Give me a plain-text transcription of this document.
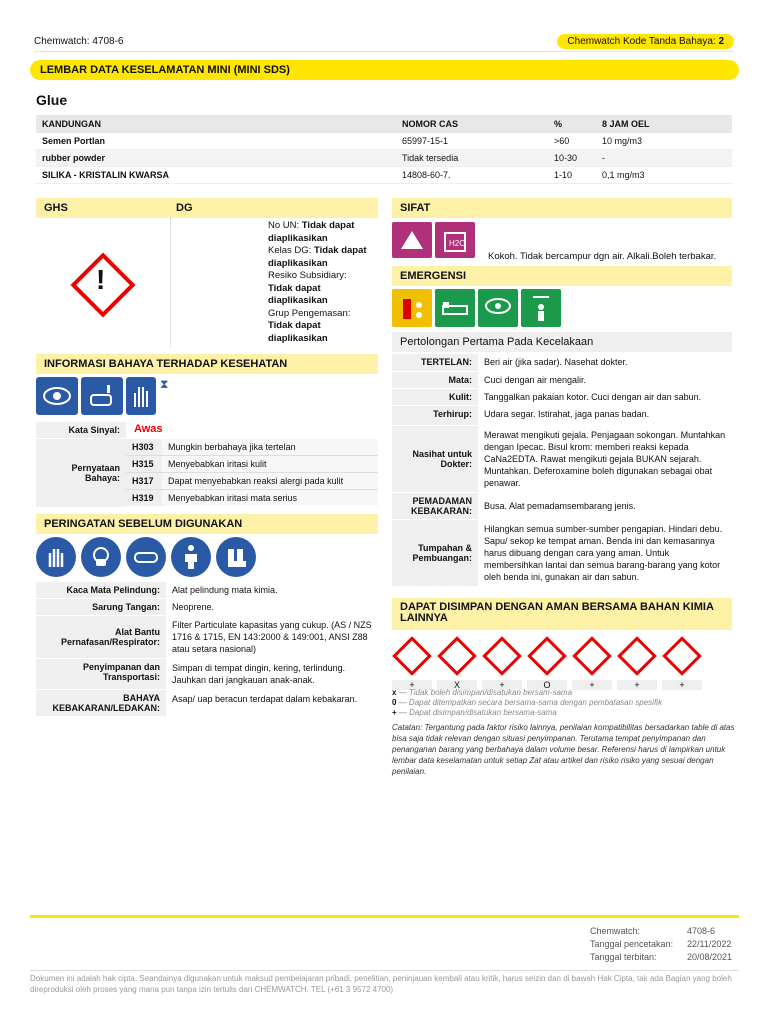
Chemwatch: 4708-6	Chemwatch Kode Tanda Bahaya: 2
LEMBAR DATA KESELAMATAN MINI (MINI SDS)
Glue
KANDUNGAN	NOMOR CAS	%	8 JAM OEL
Semen Portlan	65997-15-1	>60	10 mg/m3
rubber powder	Tidak tersedia	10-30	-
SILIKA - KRISTALIN KWARSA	14808-60-7.	1-10	0,1 mg/m3
GHS	DG
!
No UN: Tidak dapat diaplikasikan
Kelas DG: Tidak dapat diaplikasikan
Resiko Subsidiary:
Tidak dapat diaplikasikan
Grup Pengemasan:
Tidak dapat diaplikasikan
INFORMASI BAHAYA TERHADAP KESEHATAN
⧗
Kata Sinyal:	Awas
Pernyataan Bahaya:
H303	Mungkin berbahaya jika tertelan
H315	Menyebabkan iritasi kulit
H317	Dapat menyebabkan reaksi alergi pada kulit
H319	Menyebabkan iritasi mata serius
PERINGATAN SEBELUM DIGUNAKAN
Kaca Mata Pelindung:	Alat pelindung mata kimia.
Sarung Tangan:	Neoprene.
Alat Bantu Pernafasan/Respirator:
Filter Particulate kapasitas yang cukup. (AS / NZS 1716 & 1715, EN 143:2000 & 149:001, ANSI Z88 atau setara nasional)
Penyimpanan dan Transportasi:
Simpan di tempat dingin, kering, terlindung. Jauhkan dari jangkauan anak-anak.
BAHAYA KEBAKARAN/LEDAKAN:
Asap/ uap beracun terdapat dalam kebakaran.
SIFAT
H2O
Kokoh. Tidak bercampur dgn air. Alkali.Boleh terbakar.
EMERGENSI
Pertolongan Pertama Pada Kecelakaan
TERTELAN:	Beri air (jika sadar). Nasehat dokter.
Mata:	Cuci dengan air mengalir.
Kulit:	Tanggalkan pakaian kotor. Cuci dengan air dan sabun.
Terhirup:	Udara segar. Istirahat, jaga panas badan.
Nasihat untuk Dokter:
Merawat mengikuti gejala. Penjagaan sokongan. Muntahkan dengan Ipecac. Bisul krom: memberi reaksi kepada CaNa2EDTA. Rawat mengikuti gejala BUKAN sejarah. Muntahkan. Deferoxamine boleh digunakan sebagai obat penawar.
PEMADAMAN KEBAKARAN:	Busa. Alat pemadamsembarang jenis.
Tumpahan & Pembuangan:
Hilangkan semua sumber-sumber pengapian. Hindari debu. Sapu/ sekop ke tempat aman. Benda ini dan kemasannya harus dibuang dengan cara yang aman. Untuk membersihkan lantai dan semua barang-barang yang kotor oleh benda ini, gunakan air dan sabun.
DAPAT DISIMPAN DENGAN AMAN BERSAMA BAHAN KIMIA LAINNYA
+	X	+	O	+	+	+
x — Tidak boleh disimpan/disatukan bersam-sama
0 — Dapat ditempatkan secara bersama-sama dengan pembatasan spesifik
+ — Dapat disimpan/disatukan bersama-sama
Catatan: Tergantung pada faktor risiko lainnya, penilaian kompatibilitas bersadarkan table di atas bisa saja tidak relevan dengan situasi penyimpanan. Terutama tempat penyimpanan dan penanganan barang yang berbahaya dalam volume besar. Referensi harus di lampirkan untuk lembar data keselamatan untuk setiap Zat atau artikel dan risiko risiko yang sesuai dengan penilaian.
Chemwatch:	4708-6
Tanggal pencetakan:	22/11/2022
Tanggal terbitan:	20/08/2021
Dokumen ini adalah hak cipta. Seandainya digunakan untuk maksud pembelajaran pribadi, penelitian, peninjauan kembali atau kritik, harus seizin dan di bawah Hak Cipta, tak ada Bagian yang boleh direproduksi oleh proses yang mana pun tanpa izin tertulis dari CHEMWATCH. TEL (+61 3 9572 4700)
